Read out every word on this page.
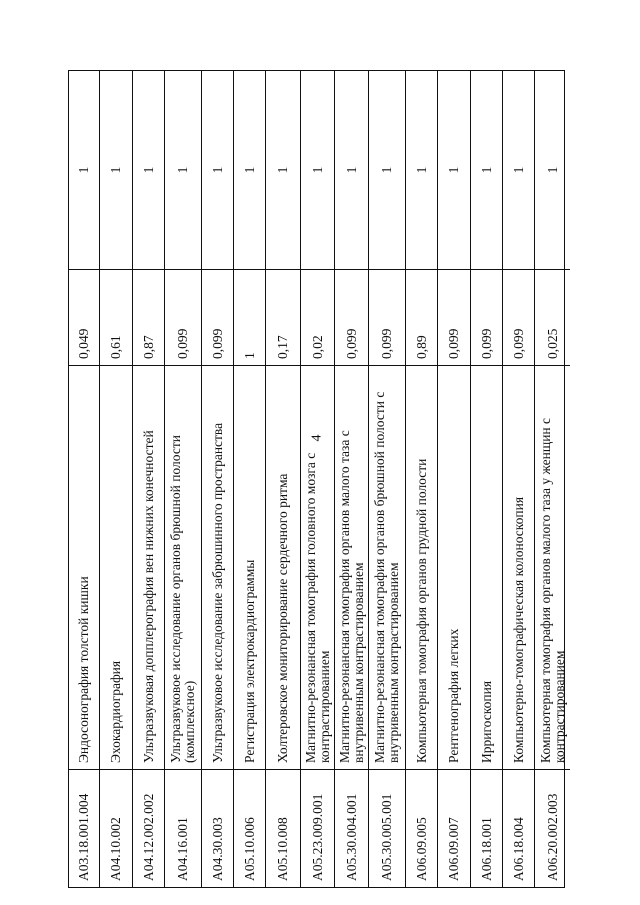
4
A03.18.001.004
Эндосонография толстой кишки
0,049
1
A04.10.002
Эхокардиография
0,61
1
A04.12.002.002
Ультразвуковая допплерография вен нижних конечностей
0,87
1
A04.16.001
Ультразвуковое исследование органов брюшной полости (комплексное)
0,099
1
A04.30.003
Ультразвуковое исследование забрюшинного пространства
0,099
1
A05.10.006
Регистрация электрокардиограммы
1
1
A05.10.008
Холтеровское мониторирование сердечного ритма
0,17
1
A05.23.009.001
Магнитно-резонансная томография головного мозга с контрастированием
0,02
1
A05.30.004.001
Магнитно-резонансная томография органов малого таза с внутривенным контрастированием
0,099
1
A05.30.005.001
Магнитно-резонансная томография органов брюшной полости с внутривенным контрастированием
0,099
1
A06.09.005
Компьютерная томография органов грудной полости
0,89
1
A06.09.007
Рентгенография легких
0,099
1
A06.18.001
Ирригоскопия
0,099
1
A06.18.004
Компьютерно-томографическая колоноскопия
0,099
1
A06.20.002.003
Компьютерная томография органов малого таза у женщин с контрастированием
0,025
1
